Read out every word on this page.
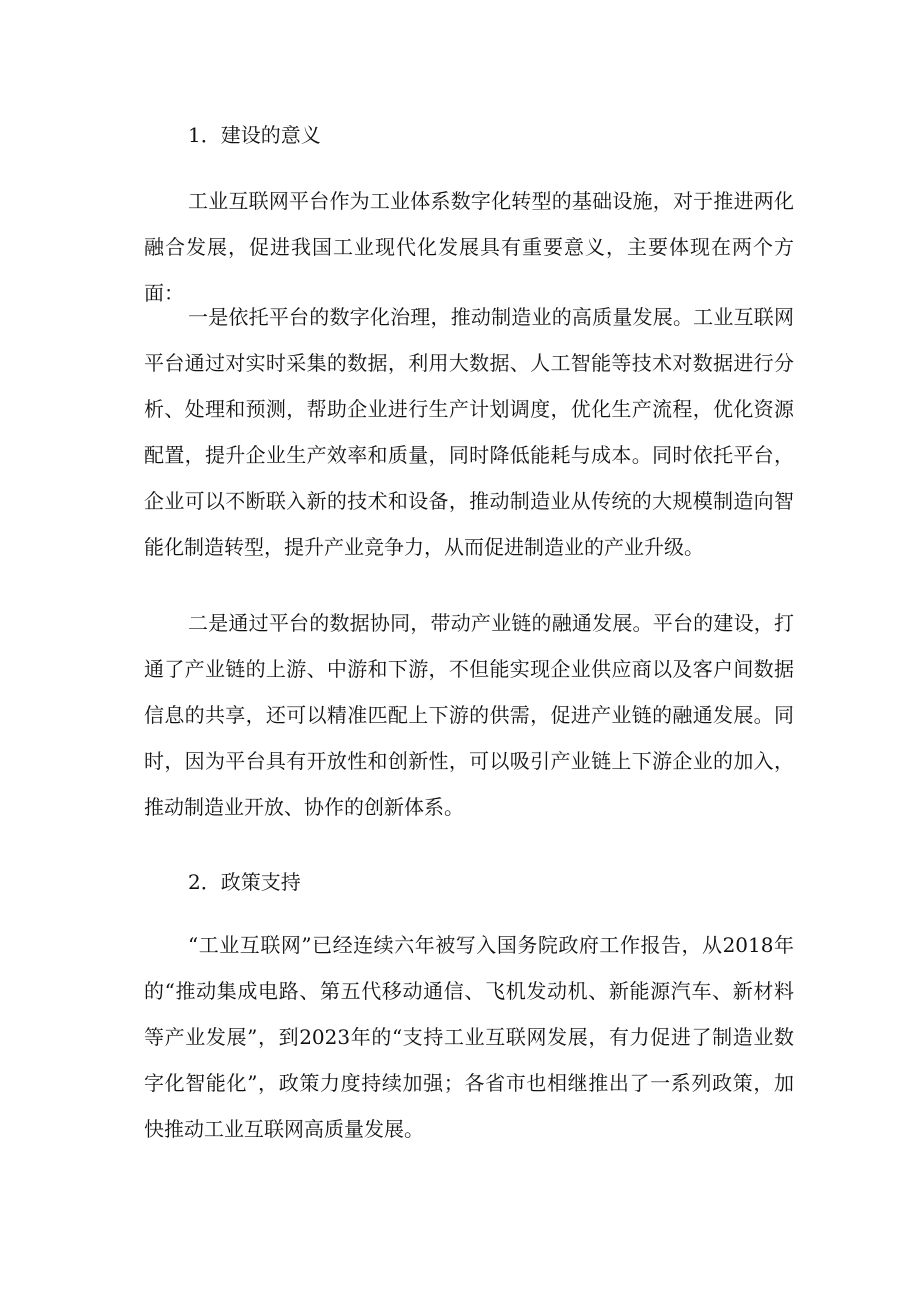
1．建设的意义

工业互联网平台作为工业体系数字化转型的基础设施，对于推进两化融合发展，促进我国工业现代化发展具有重要意义，主要体现在两个方面：

一是依托平台的数字化治理，推动制造业的高质量发展。工业互联网平台通过对实时采集的数据，利用大数据、人工智能等技术对数据进行分析、处理和预测，帮助企业进行生产计划调度，优化生产流程，优化资源配置，提升企业生产效率和质量，同时降低能耗与成本。同时依托平台，企业可以不断联入新的技术和设备，推动制造业从传统的大规模制造向智能化制造转型，提升产业竞争力，从而促进制造业的产业升级。

二是通过平台的数据协同，带动产业链的融通发展。平台的建设，打通了产业链的上游、中游和下游，不但能实现企业供应商以及客户间数据信息的共享，还可以精准匹配上下游的供需，促进产业链的融通发展。同时，因为平台具有开放性和创新性，可以吸引产业链上下游企业的加入，推动制造业开放、协作的创新体系。

2．政策支持

“工业互联网”已经连续六年被写入国务院政府工作报告，从2018年的“推动集成电路、第五代移动通信、飞机发动机、新能源汽车、新材料等产业发展”，到2023年的“支持工业互联网发展，有力促进了制造业数字化智能化”，政策力度持续加强；各省市也相继推出了一系列政策，加快推动工业互联网高质量发展。
